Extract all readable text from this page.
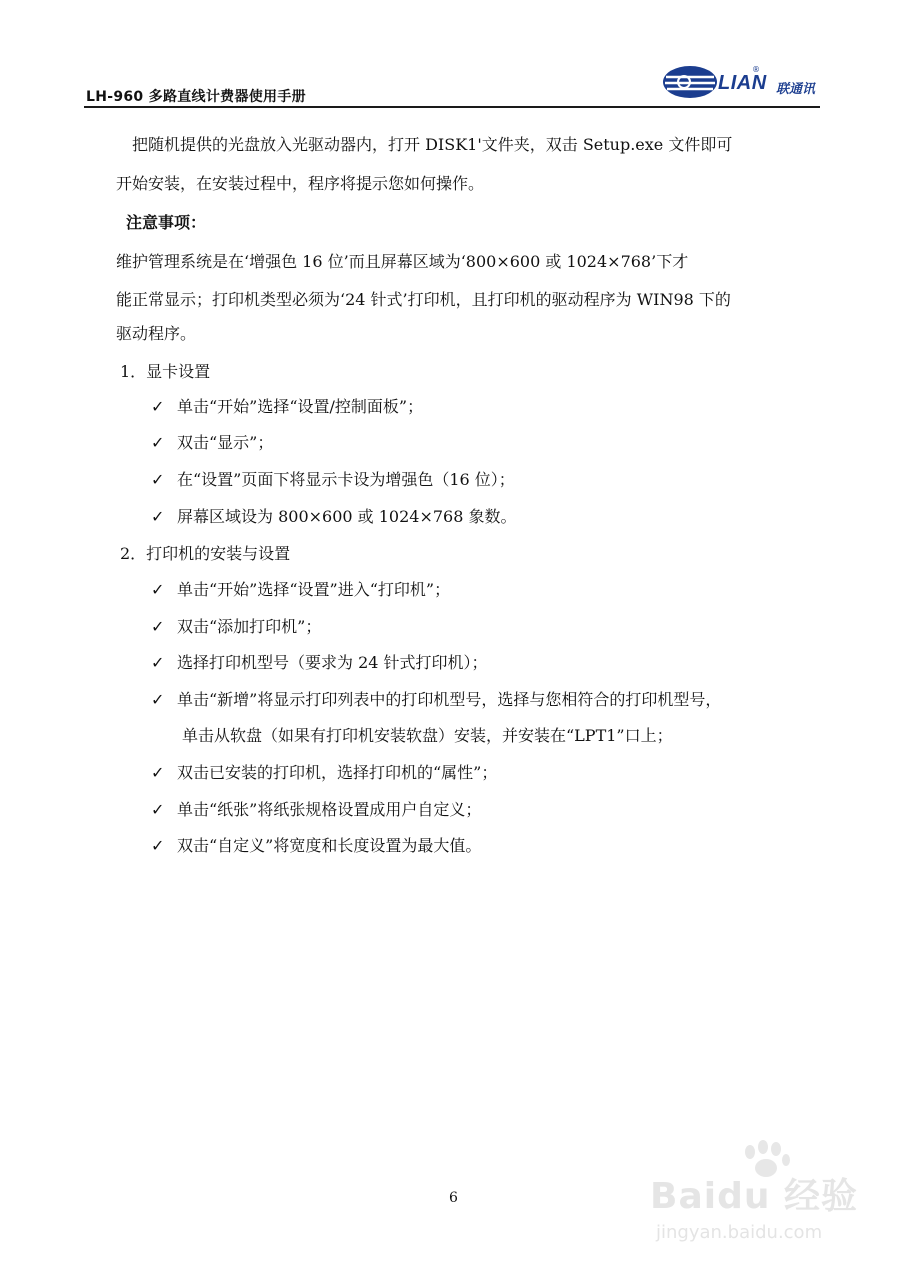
LH-960 多路直线计费器使用手册
LIAN
®
联通讯

把随机提供的光盘放入光驱动器内，打开 DISK1'文件夹，双击 Setup.exe 文件即可

开始安装，在安装过程中，程序将提示您如何操作。

注意事项：

维护管理系统是在‘增强色 16 位’而且屏幕区域为‘800×600 或 1024×768’下才

能正常显示；打印机类型必须为‘24 针式’打印机，且打印机的驱动程序为 WIN98 下的

驱动程序。

1．显卡设置
✓ 单击“开始”选择“设置/控制面板”；
✓ 双击“显示”；
✓ 在“设置”页面下将显示卡设为增强色（16 位）；
✓ 屏幕区域设为 800×600 或 1024×768 象数。
2．打印机的安装与设置
✓ 单击“开始”选择“设置”进入“打印机”；
✓ 双击“添加打印机”；
✓ 选择打印机型号（要求为 24 针式打印机）；
✓ 单击“新增”将显示打印列表中的打印机型号，选择与您相符合的打印机型号，
单击从软盘（如果有打印机安装软盘）安装，并安装在“LPT1”口上；
✓ 双击已安装的打印机，选择打印机的“属性”；
✓ 单击“纸张”将纸张规格设置成用户自定义；
✓ 双击“自定义”将宽度和长度设置为最大值。
6	Baidu 经验
jingyan.baidu.com
